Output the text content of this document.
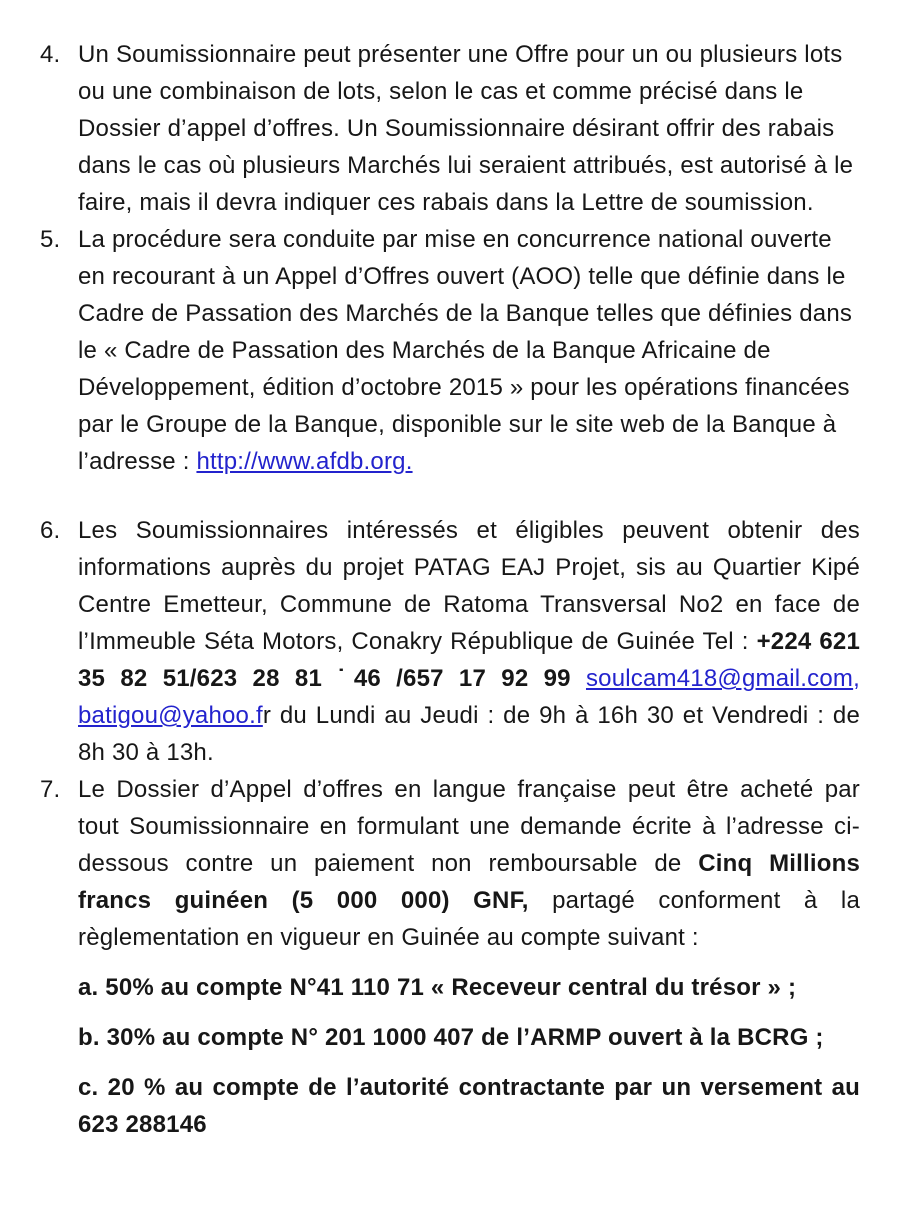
4. Un Soumissionnaire peut présenter une Offre pour un ou plusieurs lots ou une combinaison de lots, selon le cas et comme précisé dans le Dossier d’appel d’offres. Un Soumissionnaire désirant offrir des rabais dans le cas où plusieurs Marchés lui seraient attribués, est autorisé à le faire, mais il devra indiquer ces rabais dans la Lettre de soumission.
5. La procédure sera conduite par mise en concurrence national ouverte en recourant à un Appel d’Offres ouvert (AOO) telle que définie dans le Cadre de Passation des Marchés de la Banque telles que définies dans le « Cadre de Passation des Marchés de la Banque Africaine de Développement, édition d’octobre 2015 » pour les opérations financées par le Groupe de la Banque, disponible sur le site web de la Banque à l’adresse : http://www.afdb.org.
6. Les Soumissionnaires intéressés et éligibles peuvent obtenir des informations auprès du projet PATAG EAJ Projet, sis au Quartier Kipé Centre Emetteur, Commune de Ratoma Transversal No2 en face de l’Immeuble Séta Motors, Conakry République de Guinée Tel : +224 621 35 82 51/623 28 81 ˙46 /657 17 92 99 soulcam418@gmail.com, batigou@yahoo.fr du Lundi au Jeudi : de 9h à 16h 30 et Vendredi : de 8h 30 à 13h.
7. Le Dossier d’Appel d’offres en langue française peut être acheté par tout Soumissionnaire en formulant une demande écrite à l’adresse ci-dessous contre un paiement non remboursable de Cinq Millions francs guinéen (5 000 000) GNF, partagé conforment à la règlementation en vigueur en Guinée au compte suivant :
a. 50% au compte N°41 110 71 « Receveur central du trésor » ;
b. 30% au compte N° 201 1000 407 de l’ARMP ouvert à la BCRG ;
c. 20 % au compte de l’autorité contractante par un versement au 623 288146
